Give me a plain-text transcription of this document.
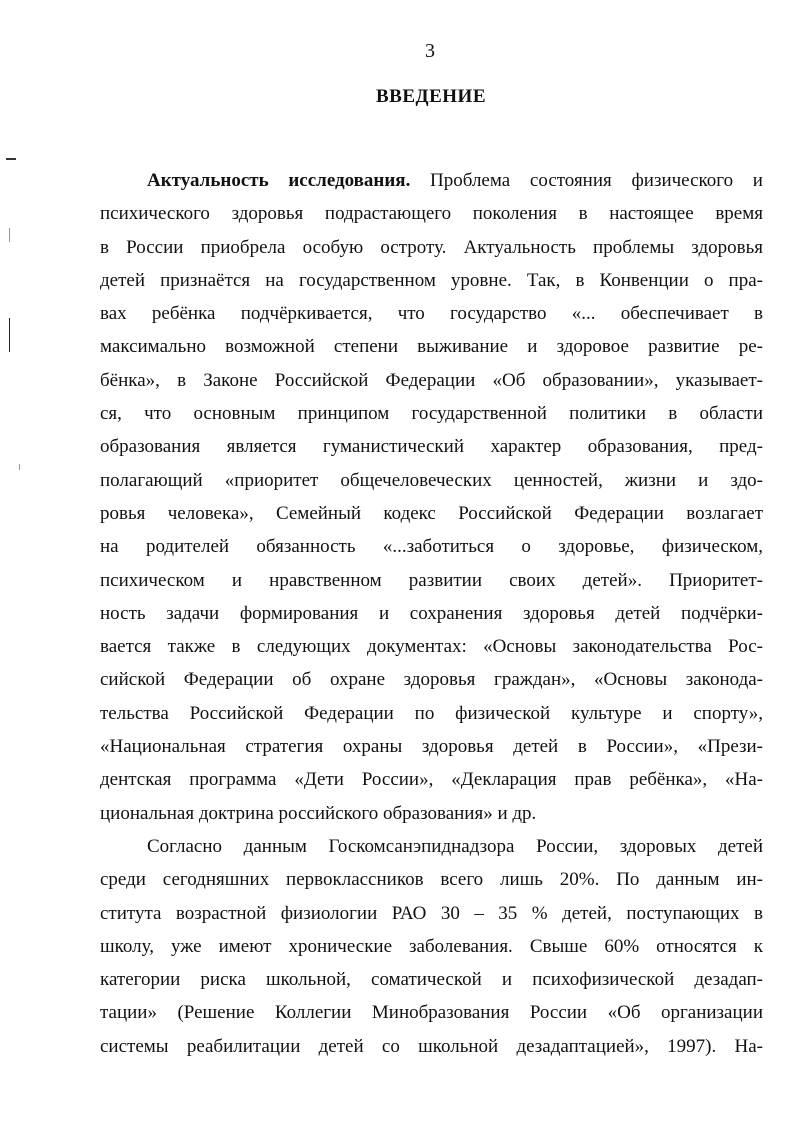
3
ВВЕДЕНИЕ
Актуальность исследования. Проблема состояния физического и
психического здоровья подрастающего поколения в настоящее время
в России приобрела особую остроту. Актуальность проблемы здоровья
детей признаётся на государственном уровне. Так, в Конвенции о пра-
вах ребёнка подчёркивается, что государство «... обеспечивает в
максимально возможной степени выживание и здоровое развитие ре-
бёнка», в Законе Российской Федерации «Об образовании», указывает-
ся, что основным принципом государственной политики в области
образования является гуманистический характер образования, пред-
полагающий «приоритет общечеловеческих ценностей, жизни и здо-
ровья человека», Семейный кодекс Российской Федерации возлагает
на родителей обязанность «...заботиться о здоровье, физическом,
психическом и нравственном развитии своих детей». Приоритет-
ность задачи формирования и сохранения здоровья детей подчёрки-
вается также в следующих документах: «Основы законодательства Рос-
сийской Федерации об охране здоровья граждан», «Основы законода-
тельства Российской Федерации по физической культуре и спорту»,
«Национальная стратегия охраны здоровья детей в России», «Прези-
дентская программа «Дети России», «Декларация прав ребёнка», «На-
циональная доктрина российского образования» и др.
Согласно данным Госкомсанэпиднадзора России, здоровых детей
среди сегодняшних первоклассников всего лишь 20%. По данным ин-
ститута возрастной физиологии РАО 30 – 35 % детей, поступающих в
школу, уже имеют хронические заболевания. Свыше 60% относятся к
категории риска школьной, соматической и психофизической дезадап-
тации» (Решение Коллегии Минобразования России «Об организации
системы реабилитации детей со школьной дезадаптацией», 1997). На-
